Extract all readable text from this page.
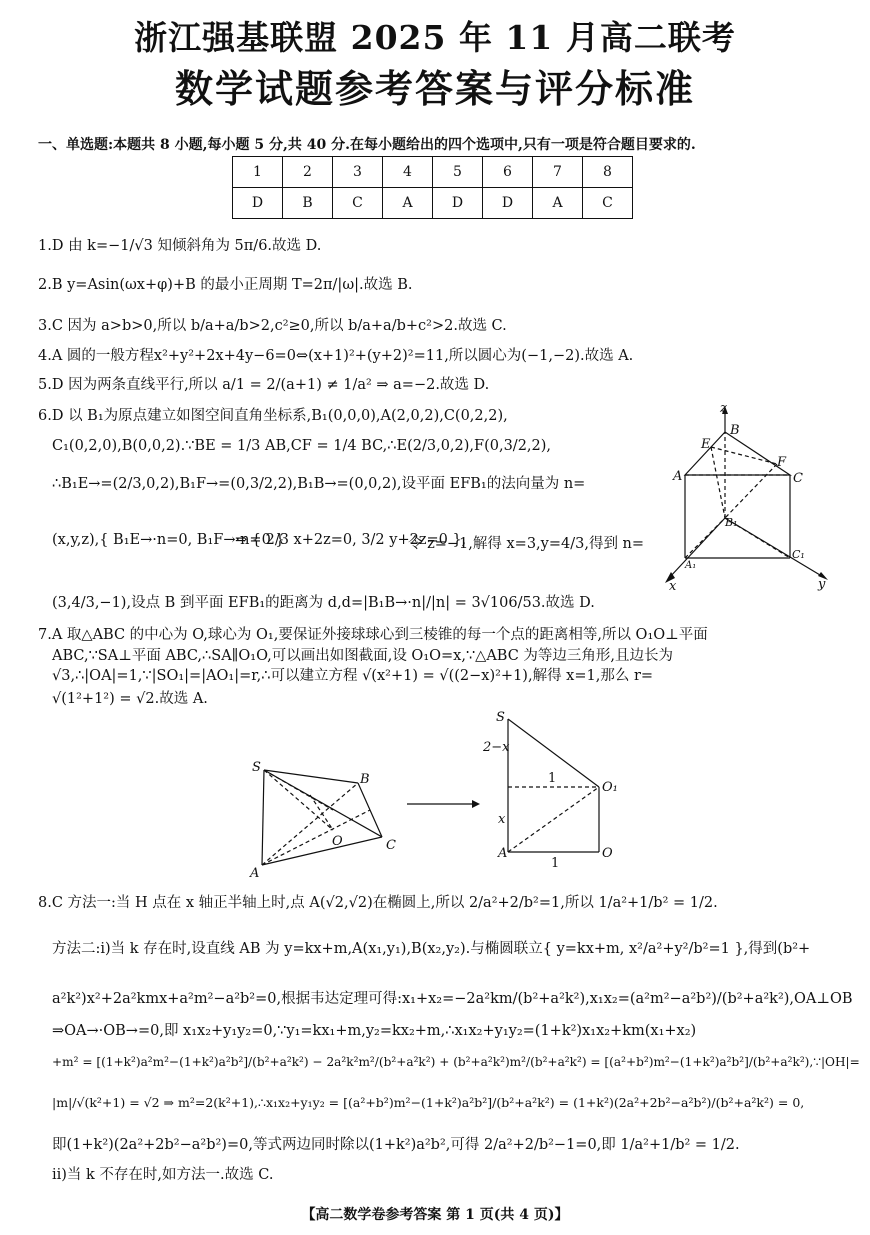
浙江强基联盟 2025 年 11 月高二联考
数学试题参考答案与评分标准
一、单选题:本题共 8 小题,每小题 5 分,共 40 分.在每小题给出的四个选项中,只有一项是符合题目要求的.
1	2	3	4	5	6	7	8
D	B	C	A	D	D	A	C
1.D 由 k=−1/√3 知倾斜角为 5π/6.故选 D.
2.B y=Asin(ωx+φ)+B 的最小正周期 T=2π/|ω|.故选 B.
3.C 因为 a>b>0,所以 b/a+a/b>2,c²≥0,所以 b/a+a/b+c²>2.故选 C.
4.A 圆的一般方程x²+y²+2x+4y−6=0⇔(x+1)²+(y+2)²=11,所以圆心为(−1,−2).故选 A.
5.D 因为两条直线平行,所以 a/1 = 2/(a+1) ≠ 1/a² ⇒ a=−2.故选 D.
6.D 以 B₁为原点建立如图空间直角坐标系,B₁(0,0,0),A(2,0,2),C(0,2,2),
C₁(0,2,0),B(0,0,2).∵BE = 1/3 AB,CF = 1/4 BC,∴E(2/3,0,2),F(0,3/2,2),
∴B₁E→=(2/3,0,2),B₁F→=(0,3/2,2),B₁B→=(0,0,2),设平面 EFB₁的法向量为 n=
(x,y,z),{ B₁E→·n=0, B₁F→·n=0 }
⇒ { 2/3 x+2z=0, 3/2 y+2z=0 },
令 z=−1,解得 x=3,y=4/3,得到 n=
(3,4/3,−1),设点 B 到平面 EFB₁的距离为 d,d=|B₁B→·n|/|n| = 3√106/53.故选 D.
z
B
E
F
A	C
B₁
C₁
A₁
x	y
7.A 取△ABC 的中心为 O,球心为 O₁,要保证外接球球心到三棱锥的每一个点的距离相等,所以 O₁O⊥平面
ABC,∵SA⊥平面 ABC,∴SA∥O₁O,可以画出如图截面,设 O₁O=x,∵△ABC 为等边三角形,且边长为
√3,∴|OA|=1,∵|SO₁|=|AO₁|=r,∴可以建立方程 √(x²+1) = √((2−x)²+1),解得 x=1,那么 r=
√(1²+1²) = √2.故选 A.
S
B
O	C
A
S
2−x
1
O₁
x
A
1
O
8.C 方法一:当 H 点在 x 轴正半轴上时,点 A(√2,√2)在椭圆上,所以 2/a²+2/b²=1,所以 1/a²+1/b² = 1/2.
方法二:ⅰ)当 k 存在时,设直线 AB 为 y=kx+m,A(x₁,y₁),B(x₂,y₂).与椭圆联立{ y=kx+m, x²/a²+y²/b²=1 },得到(b²+
a²k²)x²+2a²kmx+a²m²−a²b²=0,根据韦达定理可得:x₁+x₂=−2a²km/(b²+a²k²),x₁x₂=(a²m²−a²b²)/(b²+a²k²),OA⊥OB
⇒OA→·OB→=0,即 x₁x₂+y₁y₂=0,∵y₁=kx₁+m,y₂=kx₂+m,∴x₁x₂+y₁y₂=(1+k²)x₁x₂+km(x₁+x₂)
+m² = [(1+k²)a²m²−(1+k²)a²b²]/(b²+a²k²) − 2a²k²m²/(b²+a²k²) + (b²+a²k²)m²/(b²+a²k²) = [(a²+b²)m²−(1+k²)a²b²]/(b²+a²k²),∵|OH|=
|m|/√(k²+1) = √2 ⇒ m²=2(k²+1),∴x₁x₂+y₁y₂ = [(a²+b²)m²−(1+k²)a²b²]/(b²+a²k²) = (1+k²)(2a²+2b²−a²b²)/(b²+a²k²) = 0,
即(1+k²)(2a²+2b²−a²b²)=0,等式两边同时除以(1+k²)a²b²,可得 2/a²+2/b²−1=0,即 1/a²+1/b² = 1/2.
ⅱ)当 k 不存在时,如方法一.故选 C.
【高二数学卷参考答案 第 1 页(共 4 页)】
